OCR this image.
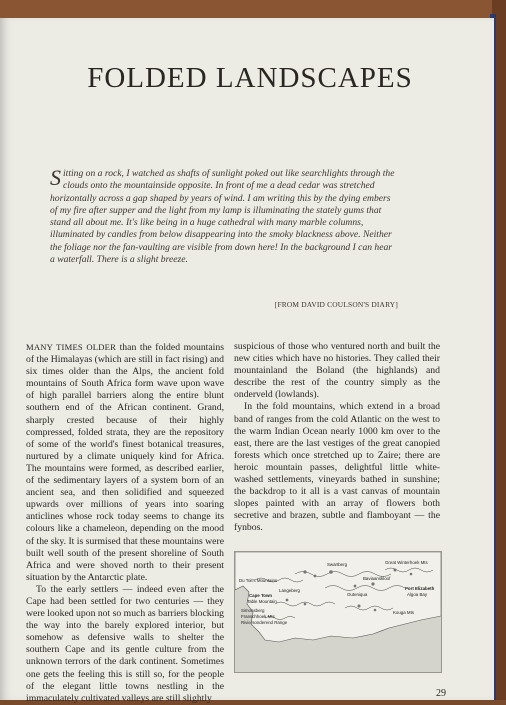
FOLDED LANDSCAPES
Sitting on a rock, I watched as shafts of sunlight poked out like searchlights through the clouds onto the mountainside opposite. In front of me a dead cedar was stretched horizontally across a gap shaped by years of wind. I am writing this by the dying embers of my fire after supper and the light from my lamp is illuminating the stately gums that stand all about me. It's like being in a huge cathedral with many marble columns, illuminated by candles from below disappearing into the smoky blackness above. Neither the foliage nor the fan-vaulting are visible from down here! In the background I can hear a waterfall. There is a slight breeze.
[FROM DAVID COULSON'S DIARY]

MANY TIMES OLDER than the folded mountains of the Himalayas (which are still in fact rising) and six times older than the Alps, the ancient fold mountains of South Africa form wave upon wave of high parallel barriers along the entire blunt southern end of the African continent. Grand, sharply crested because of their highly compressed, folded strata, they are the repository of some of the world's finest botanical treasures, nurtured by a climate uniquely kind for Africa. The mountains were formed, as described earlier, of the sedimentary layers of a system born of an ancient sea, and then solidified and squeezed upwards over millions of years into soaring anticlines whose rock today seems to change its colours like a chameleon, depending on the mood of the sky. It is surmised that these mountains were built well south of the present shoreline of South Africa and were shoved north to their present situation by the Antarctic plate.

To the early settlers — indeed even after the Cape had been settled for two centuries — they were looked upon not so much as barriers blocking the way into the barely explored interior, but somehow as defensive walls to shelter the southern Cape and its gentle culture from the unknown terrors of the dark continent. Sometimes one gets the feeling this is still so, for the people of the elegant little towns nestling in the immaculately cultivated valleys are still slightly

suspicious of those who ventured north and built the new cities which have no histories. They called their mountainland the Boland (the highlands) and describe the rest of the country simply as the onderveld (lowlands).

In the fold mountains, which extend in a broad band of ranges from the cold Atlantic on the west to the warm Indian Ocean nearly 1000 km over to the east, there are the last vestiges of the great canopied forests which once stretched up to Zaire; there are heroic mountain passes, delightful little white-washed settlements, vineyards bathed in sunshine; the backdrop to it all is a vast canvas of mountain slopes painted with an array of flowers both secretive and brazen, subtle and flamboyant — the fynbos.

Du Toit's Mountains
Cape Town
Table Mountain
Simonsberg
Franschhoek Mts
Riviersonderend Range
Swartberg
Outeniqua
Great Winterhoek Mts
Kouga Mts
Port Elizabeth
Algoa Bay
Baviaanskloof
Langeberg
29
